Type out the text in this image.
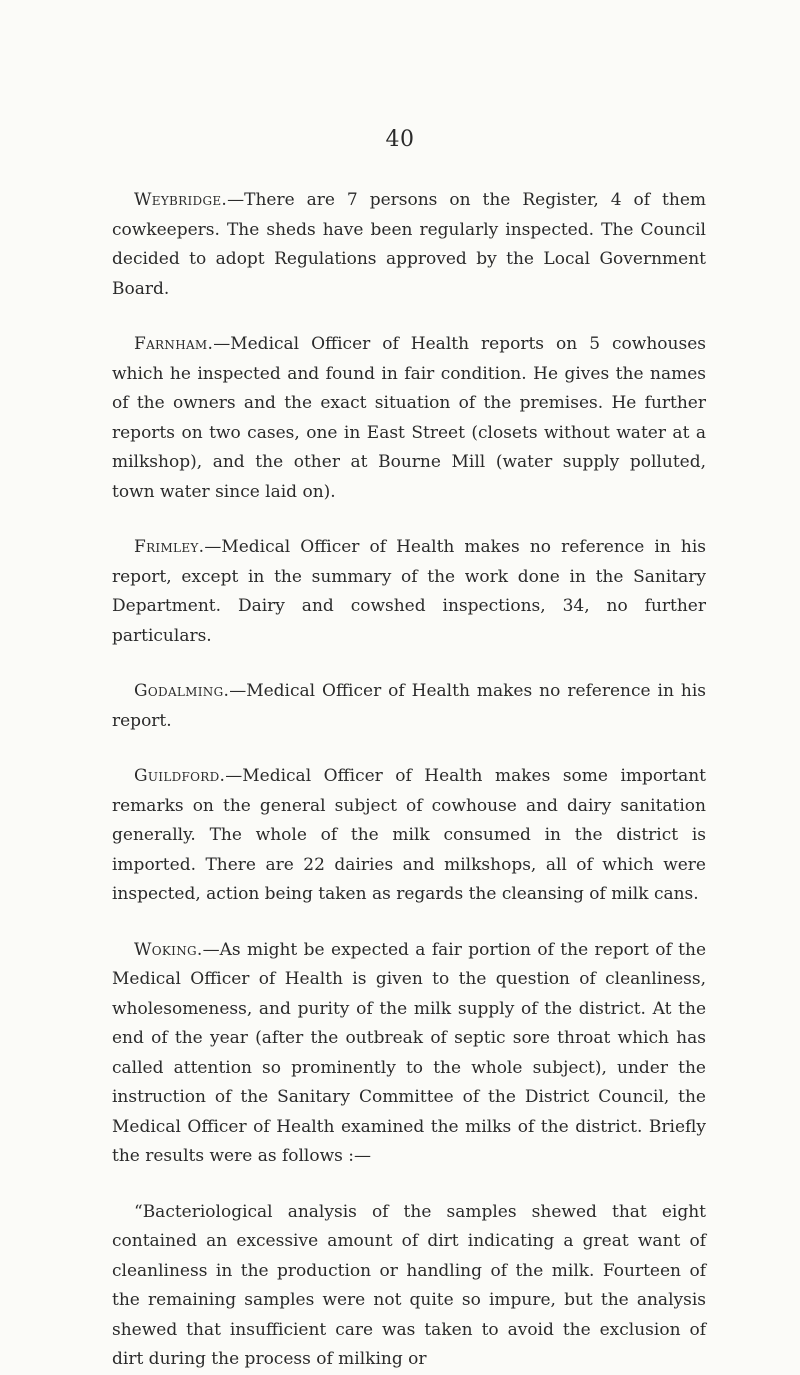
40

Weybridge.—There are 7 persons on the Register, 4 of them cowkeepers. The sheds have been regularly inspected. The Council decided to adopt Regulations approved by the Local Government Board.

Farnham.—Medical Officer of Health reports on 5 cowhouses which he inspected and found in fair condition. He gives the names of the owners and the exact situation of the premises. He further reports on two cases, one in East Street (closets without water at a milkshop), and the other at Bourne Mill (water supply polluted, town water since laid on).

Frimley.—Medical Officer of Health makes no reference in his report, except in the summary of the work done in the Sanitary Department. Dairy and cowshed inspections, 34, no further particulars.

Godalming.—Medical Officer of Health makes no reference in his report.

Guildford.—Medical Officer of Health makes some important remarks on the general subject of cowhouse and dairy sanitation generally. The whole of the milk consumed in the district is imported. There are 22 dairies and milkshops, all of which were inspected, action being taken as regards the cleansing of milk cans.

Woking.—As might be expected a fair portion of the report of the Medical Officer of Health is given to the question of cleanliness, wholesomeness, and purity of the milk supply of the district. At the end of the year (after the outbreak of septic sore throat which has called attention so prominently to the whole subject), under the instruction of the Sanitary Committee of the District Council, the Medical Officer of Health examined the milks of the district. Briefly the results were as follows :—

“Bacteriological analysis of the samples shewed that eight contained an excessive amount of dirt indicating a great want of cleanliness in the production or handling of the milk. Fourteen of the remaining samples were not quite so impure, but the analysis shewed that insufficient care was taken to avoid the exclusion of dirt during the process of milking or
